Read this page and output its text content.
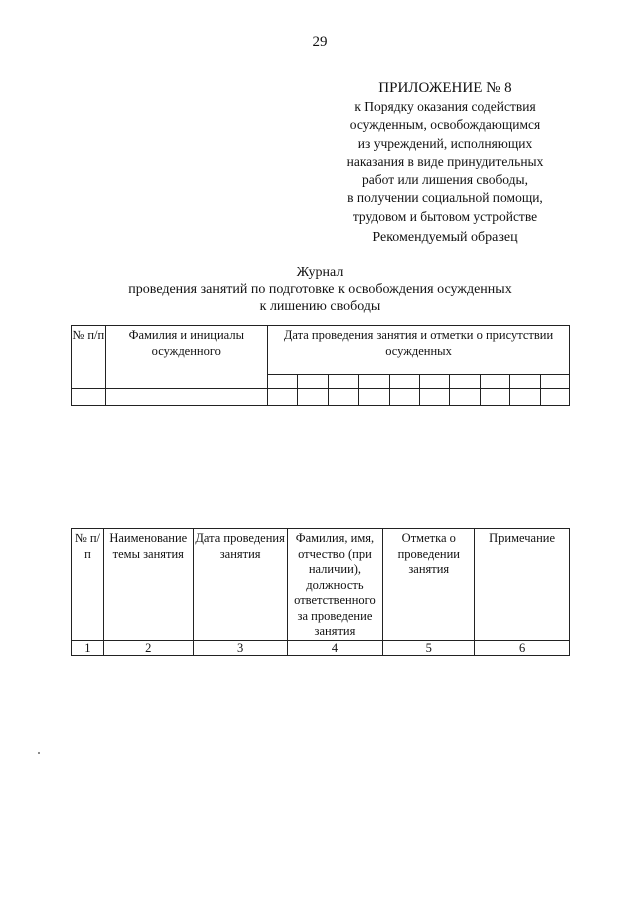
29
ПРИЛОЖЕНИЕ № 8
к Порядку оказания содействия
осужденным, освобождающимся
из учреждений, исполняющих
наказания в виде принудительных
работ или лишения свободы,
в получении социальной помощи,
трудовом и бытовом устройстве
Рекомендуемый образец
Журнал
проведения занятий по подготовке к освобождения осужденных
к лишению свободы
№ п/п	Фамилия и инициалы осужденного	Дата проведения занятия и отметки о присутствии осужденных									

№ п/п	Наименование темы занятия	Дата проведения занятия	Фамилия, имя, отчество (при наличии), должность ответственного за проведение занятия	Отметка о проведении занятия	Примечание
1	2	3	4	5	6
